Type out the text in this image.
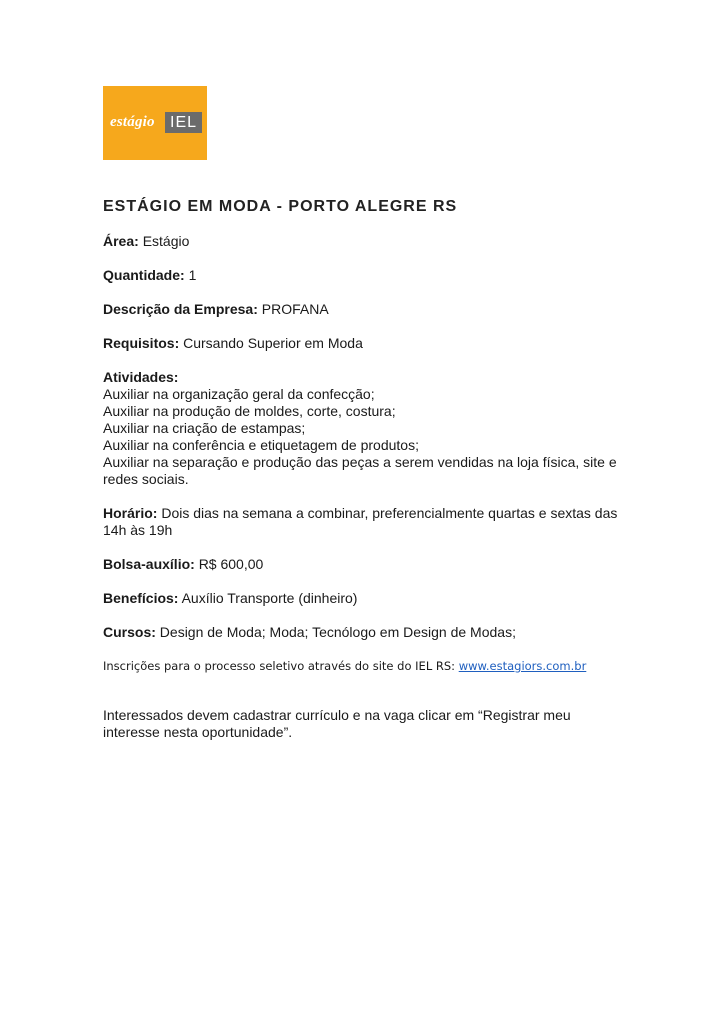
estágio IEL
ESTÁGIO EM MODA - PORTO ALEGRE RS
Área: Estágio
Quantidade: 1
Descrição da Empresa: PROFANA
Requisitos: Cursando Superior em Moda
Atividades:
Auxiliar na organização geral da confecção;
Auxiliar na produção de moldes, corte, costura;
Auxiliar na criação de estampas;
Auxiliar na conferência e etiquetagem de produtos;
Auxiliar na separação e produção das peças a serem vendidas na loja física, site e redes sociais.
Horário: Dois dias na semana a combinar, preferencialmente quartas e sextas das 14h às 19h
Bolsa-auxílio: R$ 600,00
Benefícios: Auxílio Transporte (dinheiro)
Cursos: Design de Moda; Moda; Tecnólogo em Design de Modas;
Inscrições para o processo seletivo através do site do IEL RS: www.estagiors.com.br
Interessados devem cadastrar currículo e na vaga clicar em “Registrar meu interesse nesta oportunidade”.
